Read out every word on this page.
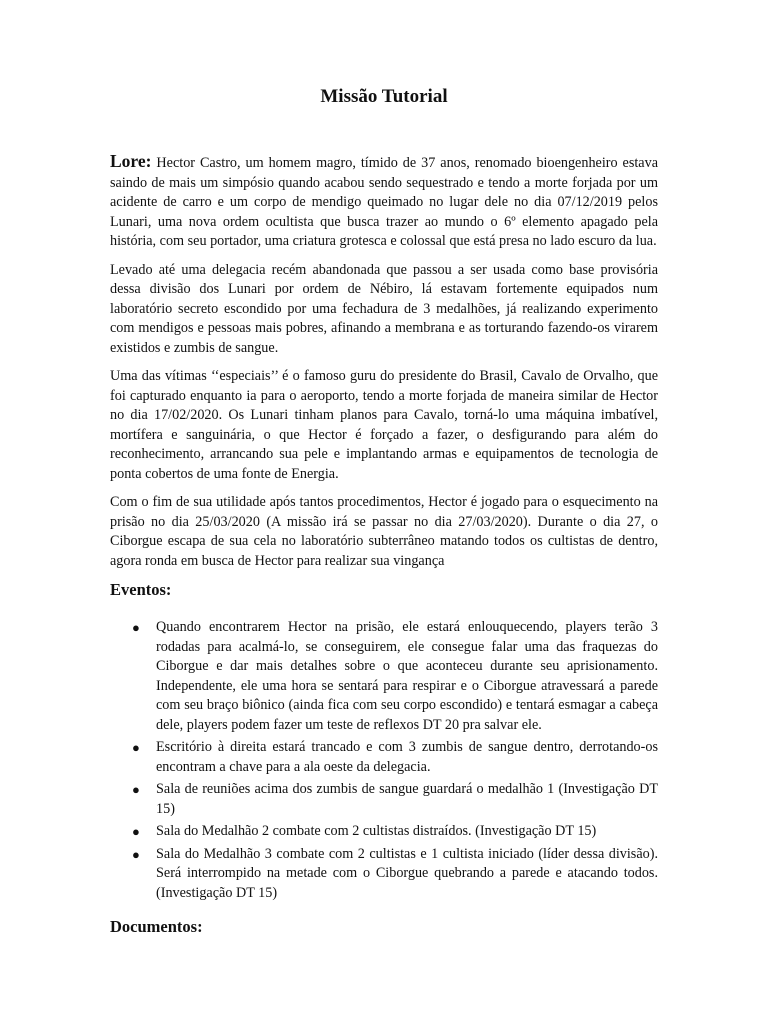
Missão Tutorial

Lore: Hector Castro, um homem magro, tímido de 37 anos, renomado bioengenheiro estava saindo de mais um simpósio quando acabou sendo sequestrado e tendo a morte forjada por um acidente de carro e um corpo de mendigo queimado no lugar dele no dia 07/12/2019 pelos Lunari, uma nova ordem ocultista que busca trazer ao mundo o 6º elemento apagado pela história, com seu portador, uma criatura grotesca e colossal que está presa no lado escuro da lua.

Levado até uma delegacia recém abandonada que passou a ser usada como base provisória dessa divisão dos Lunari por ordem de Nébiro, lá estavam fortemente equipados num laboratório secreto escondido por uma fechadura de 3 medalhões, já realizando experimento com mendigos e pessoas mais pobres, afinando a membrana e as torturando fazendo-os virarem existidos e zumbis de sangue.

Uma das vítimas ‘‘especiais’’ é o famoso guru do presidente do Brasil, Cavalo de Orvalho, que foi capturado enquanto ia para o aeroporto, tendo a morte forjada de maneira similar de Hector no dia 17/02/2020. Os Lunari tinham planos para Cavalo, torná-lo uma máquina imbatível, mortífera e sanguinária, o que Hector é forçado a fazer, o desfigurando para além do reconhecimento, arrancando sua pele e implantando armas e equipamentos de tecnologia de ponta cobertos de uma fonte de Energia.

Com o fim de sua utilidade após tantos procedimentos, Hector é jogado para o esquecimento na prisão no dia 25/03/2020 (A missão irá se passar no dia 27/03/2020). Durante o dia 27, o Ciborgue escapa de sua cela no laboratório subterrâneo matando todos os cultistas de dentro, agora ronda em busca de Hector para realizar sua vingança

Eventos:
● Quando encontrarem Hector na prisão, ele estará enlouquecendo, players terão 3 rodadas para acalmá-lo, se conseguirem, ele consegue falar uma das fraquezas do Ciborgue e dar mais detalhes sobre o que aconteceu durante seu aprisionamento. Independente, ele uma hora se sentará para respirar e o Ciborgue atravessará a parede com seu braço biônico (ainda fica com seu corpo escondido) e tentará esmagar a cabeça dele, players podem fazer um teste de reflexos DT 20 pra salvar ele.
● Escritório à direita estará trancado e com 3 zumbis de sangue dentro, derrotando-os encontram a chave para a ala oeste da delegacia.
● Sala de reuniões acima dos zumbis de sangue guardará o medalhão 1 (Investigação DT 15)
● Sala do Medalhão 2 combate com 2 cultistas distraídos. (Investigação DT 15)
● Sala do Medalhão 3 combate com 2 cultistas e 1 cultista iniciado (líder dessa divisão). Será interrompido na metade com o Ciborgue quebrando a parede e atacando todos. (Investigação DT 15)
Documentos:
